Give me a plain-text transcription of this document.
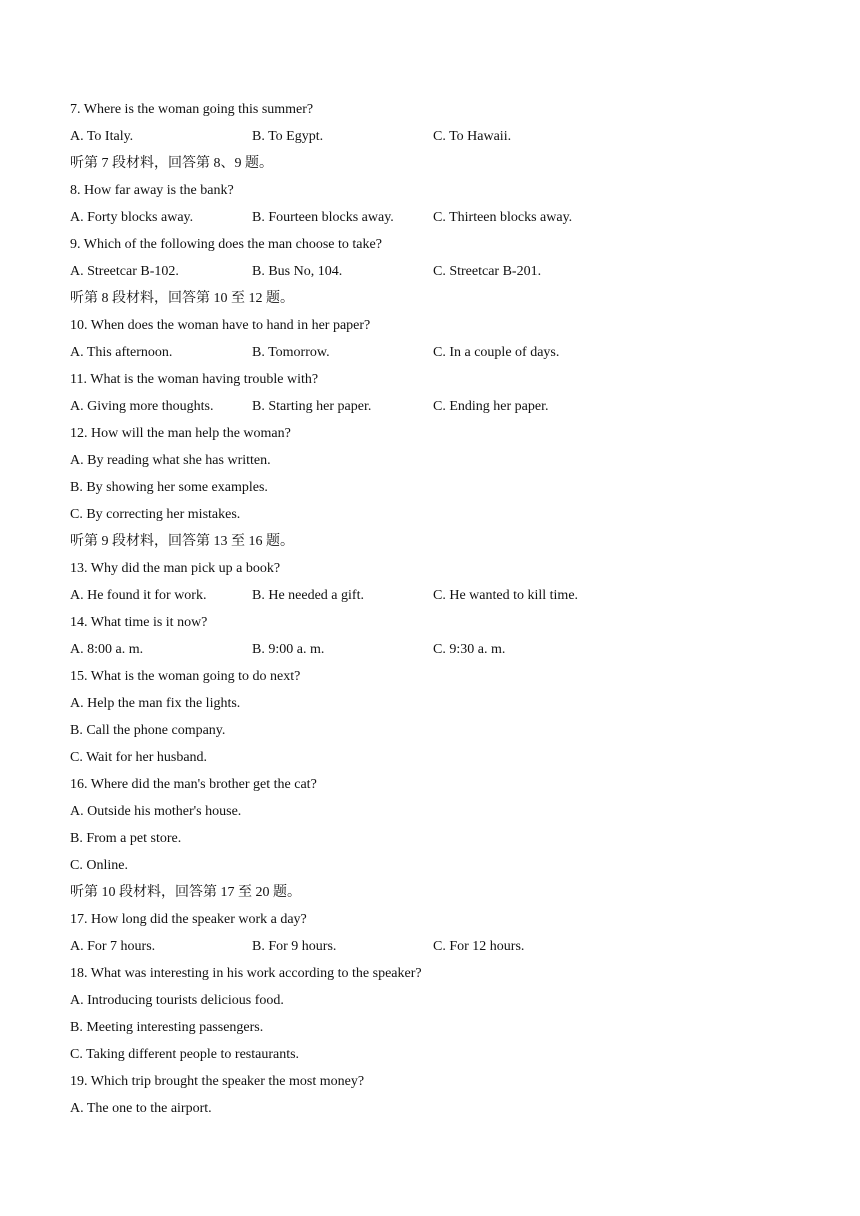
7. Where is the woman going this summer?
A. To Italy.	B. To Egypt.	C. To Hawaii.
听第 7 段材料，回答第 8、9 题。
8. How far away is the bank?
A. Forty blocks away.	B. Fourteen blocks away.	C. Thirteen blocks away.
9. Which of the following does the man choose to take?
A. Streetcar B-102.	B. Bus No, 104.	C. Streetcar B-201.
听第 8 段材料，回答第 10 至 12 题。
10. When does the woman have to hand in her paper?
A. This afternoon.	B. Tomorrow.	C. In a couple of days.
11. What is the woman having trouble with?
A. Giving more thoughts.	B. Starting her paper.	C. Ending her paper.
12. How will the man help the woman?
A. By reading what she has written.
B. By showing her some examples.
C. By correcting her mistakes.
听第 9 段材料，回答第 13 至 16 题。
13. Why did the man pick up a book?
A. He found it for work.	B. He needed a gift.	C. He wanted to kill time.
14. What time is it now?
A. 8:00 a. m.	B. 9:00 a. m.	C. 9:30 a. m.
15. What is the woman going to do next?
A. Help the man fix the lights.
B. Call the phone company.
C. Wait for her husband.
16. Where did the man's brother get the cat?
A. Outside his mother's house.
B. From a pet store.
C. Online.
听第 10 段材料，回答第 17 至 20 题。
17. How long did the speaker work a day?
A. For 7 hours.	B. For 9 hours.	C. For 12 hours.
18. What was interesting in his work according to the speaker?
A. Introducing tourists delicious food.
B. Meeting interesting passengers.
C. Taking different people to restaurants.
19. Which trip brought the speaker the most money?
A. The one to the airport.
